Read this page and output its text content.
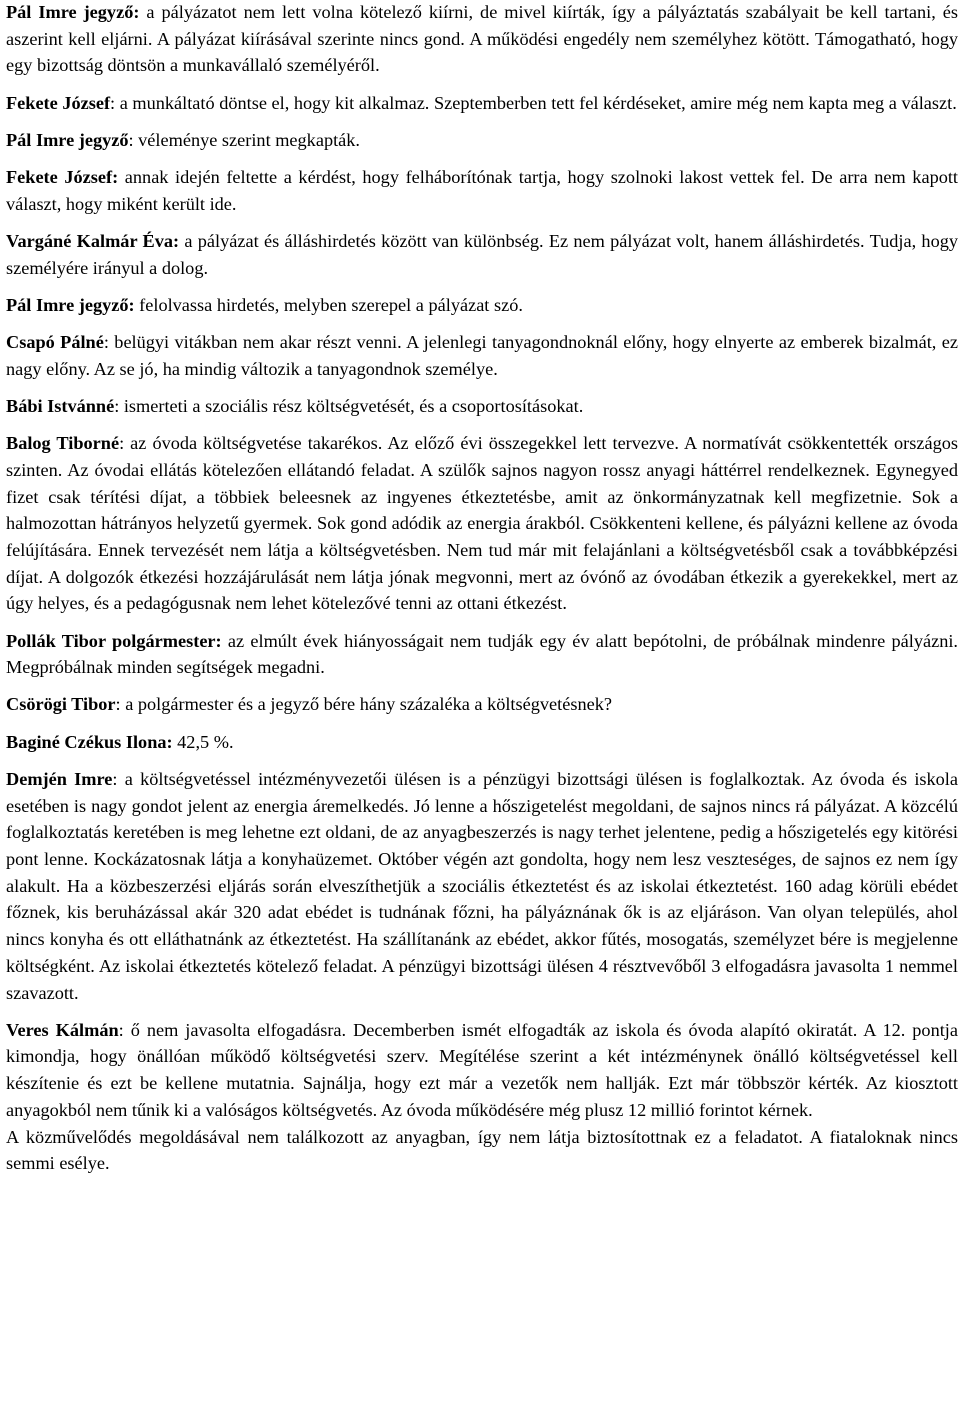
Pál Imre jegyző: a pályázatot nem lett volna kötelező kiírni, de mivel kiírták, így a pályáztatás szabályait be kell tartani, és aszerint kell eljárni. A pályázat kiírásával szerinte nincs gond. A működési engedély nem személyhez kötött. Támogatható, hogy egy bizottság döntsön a munkavállaló személyéről.

Fekete József: a munkáltató döntse el, hogy kit alkalmaz. Szeptemberben tett fel kérdéseket, amire még nem kapta meg a választ.

Pál Imre jegyző: véleménye szerint megkapták.

Fekete József: annak idején feltette a kérdést, hogy felháborítónak tartja, hogy szolnoki lakost vettek fel. De arra nem kapott választ, hogy miként került ide.

Vargáné Kalmár Éva: a pályázat és álláshirdetés között van különbség. Ez nem pályázat volt, hanem álláshirdetés. Tudja, hogy személyére irányul a dolog.

Pál Imre jegyző: felolvassa hirdetés, melyben szerepel a pályázat szó.

Csapó Pálné: belügyi vitákban nem akar részt venni. A jelenlegi tanyagondnoknál előny, hogy elnyerte az emberek bizalmát, ez nagy előny. Az se jó, ha mindig változik a tanyagondnok személye.

Bábi Istvánné: ismerteti a szociális rész költségvetését, és a csoportosításokat.

Balog Tiborné: az óvoda költségvetése takarékos. Az előző évi összegekkel lett tervezve. A normatívát csökkentették országos szinten. Az óvodai ellátás kötelezően ellátandó feladat. A szülők sajnos nagyon rossz anyagi háttérrel rendelkeznek. Egynegyed fizet csak térítési díjat, a többiek beleesnek az ingyenes étkeztetésbe, amit az önkormányzatnak kell megfizetnie. Sok a halmozottan hátrányos helyzetű gyermek. Sok gond adódik az energia árakból. Csökkenteni kellene, és pályázni kellene az óvoda felújítására. Ennek tervezését nem látja a költségvetésben. Nem tud már mit felajánlani a költségvetésből csak a továbbképzési díjat. A dolgozók étkezési hozzájárulását nem látja jónak megvonni, mert az óvónő az óvodában étkezik a gyerekekkel, mert az úgy helyes, és a pedagógusnak nem lehet kötelezővé tenni az ottani étkezést.

Pollák Tibor polgármester: az elmúlt évek hiányosságait nem tudják egy év alatt bepótolni, de próbálnak mindenre pályázni. Megpróbálnak minden segítségek megadni.

Csörögi Tibor: a polgármester és a jegyző bére hány százaléka a költségvetésnek?

Baginé Czékus Ilona: 42,5 %.

Demjén Imre: a költségvetéssel intézményvezetői ülésen is a pénzügyi bizottsági ülésen is foglalkoztak. Az óvoda és iskola esetében is nagy gondot jelent az energia áremelkedés. Jó lenne a hőszigetelést megoldani, de sajnos nincs rá pályázat. A közcélú foglalkoztatás keretében is meg lehetne ezt oldani, de az anyagbeszerzés is nagy terhet jelentene, pedig a hőszigetelés egy kitörési pont lenne. Kockázatosnak látja a konyhaüzemet. Október végén azt gondolta, hogy nem lesz veszteséges, de sajnos ez nem így alakult. Ha a közbeszerzési eljárás során elveszíthetjük a szociális étkeztetést és az iskolai étkeztetést. 160 adag körüli ebédet főznek, kis beruházással akár 320 adat ebédet is tudnának főzni, ha pályáznának ők is az eljáráson. Van olyan település, ahol nincs konyha és ott elláthatnánk az étkeztetést. Ha szállítanánk az ebédet, akkor fűtés, mosogatás, személyzet bére is megjelenne költségként. Az iskolai étkeztetés kötelező feladat. A pénzügyi bizottsági ülésen 4 résztvevőből 3 elfogadásra javasolta 1 nemmel szavazott.

Veres Kálmán: ő nem javasolta elfogadásra. Decemberben ismét elfogadták az iskola és óvoda alapító okiratát. A 12. pontja kimondja, hogy önállóan működő költségvetési szerv. Megítélése szerint a két intézménynek önálló költségvetéssel kell készítenie és ezt be kellene mutatnia. Sajnálja, hogy ezt már a vezetők nem hallják. Ezt már többször kérték. Az kiosztott anyagokból nem tűnik ki a valóságos költségvetés. Az óvoda működésére még plusz 12 millió forintot kérnek.

A közművelődés megoldásával nem találkozott az anyagban, így nem látja biztosítottnak ez a feladatot. A fiataloknak nincs semmi esélye.
